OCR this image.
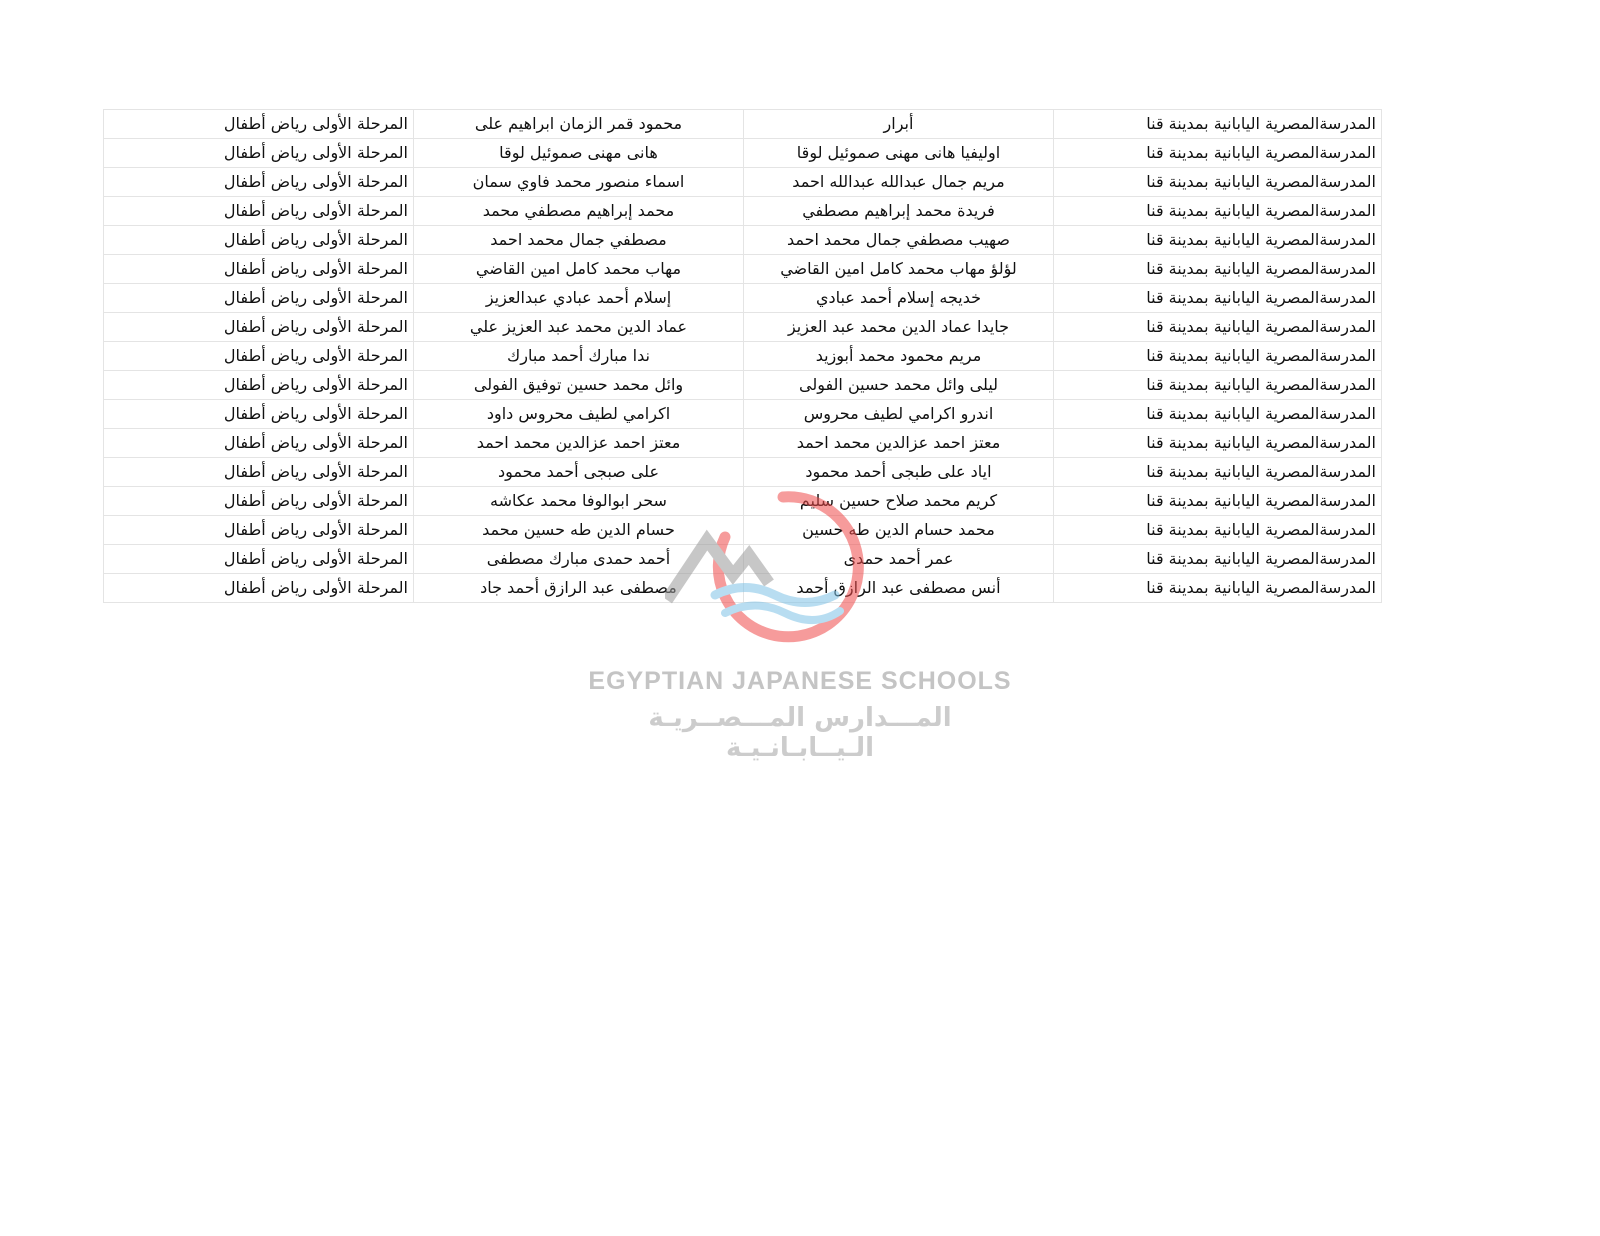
المدرسةالمصرية اليابانية بمدينة قنا	أبرار	محمود قمر الزمان ابراهيم على	المرحلة الأولى رياض أطفال
المدرسةالمصرية اليابانية بمدينة قنا	اوليفيا هانى مهنى صموئيل لوقا	هانى مهنى صموئيل لوقا	المرحلة الأولى رياض أطفال
المدرسةالمصرية اليابانية بمدينة قنا	مريم جمال عبدالله عبدالله احمد	اسماء منصور محمد فاوي سمان	المرحلة الأولى رياض أطفال
المدرسةالمصرية اليابانية بمدينة قنا	فريدة محمد إبراهيم مصطفي	محمد إبراهيم مصطفي محمد	المرحلة الأولى رياض أطفال
المدرسةالمصرية اليابانية بمدينة قنا	صهيب مصطفي جمال محمد احمد	مصطفي جمال محمد احمد	المرحلة الأولى رياض أطفال
المدرسةالمصرية اليابانية بمدينة قنا	لؤلؤ مهاب محمد كامل امين القاضي	مهاب محمد كامل امين القاضي	المرحلة الأولى رياض أطفال
المدرسةالمصرية اليابانية بمدينة قنا	خديجه إسلام أحمد عبادي	إسلام أحمد عبادي عبدالعزيز	المرحلة الأولى رياض أطفال
المدرسةالمصرية اليابانية بمدينة قنا	جايدا عماد الدين محمد عبد العزيز	عماد الدين محمد عبد العزيز علي	المرحلة الأولى رياض أطفال
المدرسةالمصرية اليابانية بمدينة قنا	مريم محمود محمد أبوزيد	ندا مبارك أحمد مبارك	المرحلة الأولى رياض أطفال
المدرسةالمصرية اليابانية بمدينة قنا	ليلى وائل محمد حسين الفولى	وائل محمد حسين توفيق الفولى	المرحلة الأولى رياض أطفال
المدرسةالمصرية اليابانية بمدينة قنا	اندرو اكرامي لطيف محروس	اكرامي لطيف محروس داود	المرحلة الأولى رياض أطفال
المدرسةالمصرية اليابانية بمدينة قنا	معتز احمد عزالدين محمد احمد	معتز احمد عزالدين محمد احمد	المرحلة الأولى رياض أطفال
المدرسةالمصرية اليابانية بمدينة قنا	اياد على طبجى أحمد محمود	على صبجى أحمد محمود	المرحلة الأولى رياض أطفال
المدرسةالمصرية اليابانية بمدينة قنا	كريم محمد صلاح حسين سليم	سحر ابوالوفا محمد عكاشه	المرحلة الأولى رياض أطفال
المدرسةالمصرية اليابانية بمدينة قنا	محمد حسام الدين طه حسين	حسام الدين طه حسين محمد	المرحلة الأولى رياض أطفال
المدرسةالمصرية اليابانية بمدينة قنا	عمر أحمد حمدى	أحمد حمدى مبارك مصطفى	المرحلة الأولى رياض أطفال
المدرسةالمصرية اليابانية بمدينة قنا	أنس مصطفى عبد الرازق أحمد	مصطفى عبد الرازق أحمد جاد	المرحلة الأولى رياض أطفال
EGYPTIAN JAPANESE SCHOOLS
المـــدارس المـــصــريـة الـيــابـانـيـة
